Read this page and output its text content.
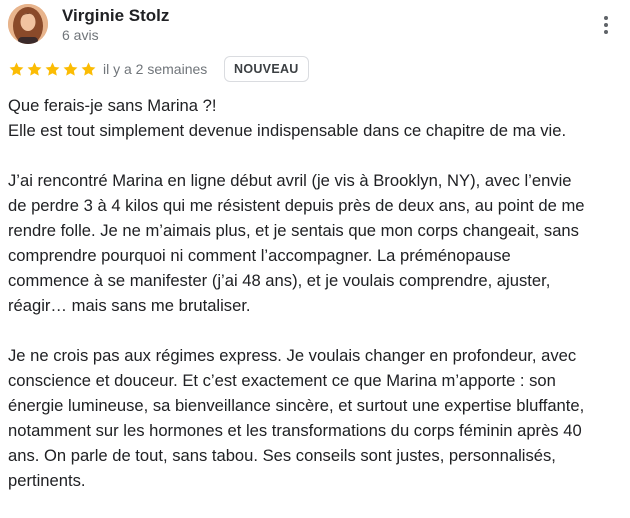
Virginie Stolz
6 avis
il y a 2 semaines	NOUVEAU
Que ferais-je sans Marina ?!
Elle est tout simplement devenue indispensable dans ce chapitre de ma vie.
J’ai rencontré Marina en ligne début avril (je vis à Brooklyn, NY), avec l’envie
de perdre 3 à 4 kilos qui me résistent depuis près de deux ans, au point de me
rendre folle. Je ne m’aimais plus, et je sentais que mon corps changeait, sans
comprendre pourquoi ni comment l’accompagner. La préménopause
commence à se manifester (j’ai 48 ans), et je voulais comprendre, ajuster,
réagir… mais sans me brutaliser.
Je ne crois pas aux régimes express. Je voulais changer en profondeur, avec
conscience et douceur. Et c’est exactement ce que Marina m’apporte : son
énergie lumineuse, sa bienveillance sincère, et surtout une expertise bluffante,
notamment sur les hormones et les transformations du corps féminin après 40
ans. On parle de tout, sans tabou. Ses conseils sont justes, personnalisés,
pertinents.
